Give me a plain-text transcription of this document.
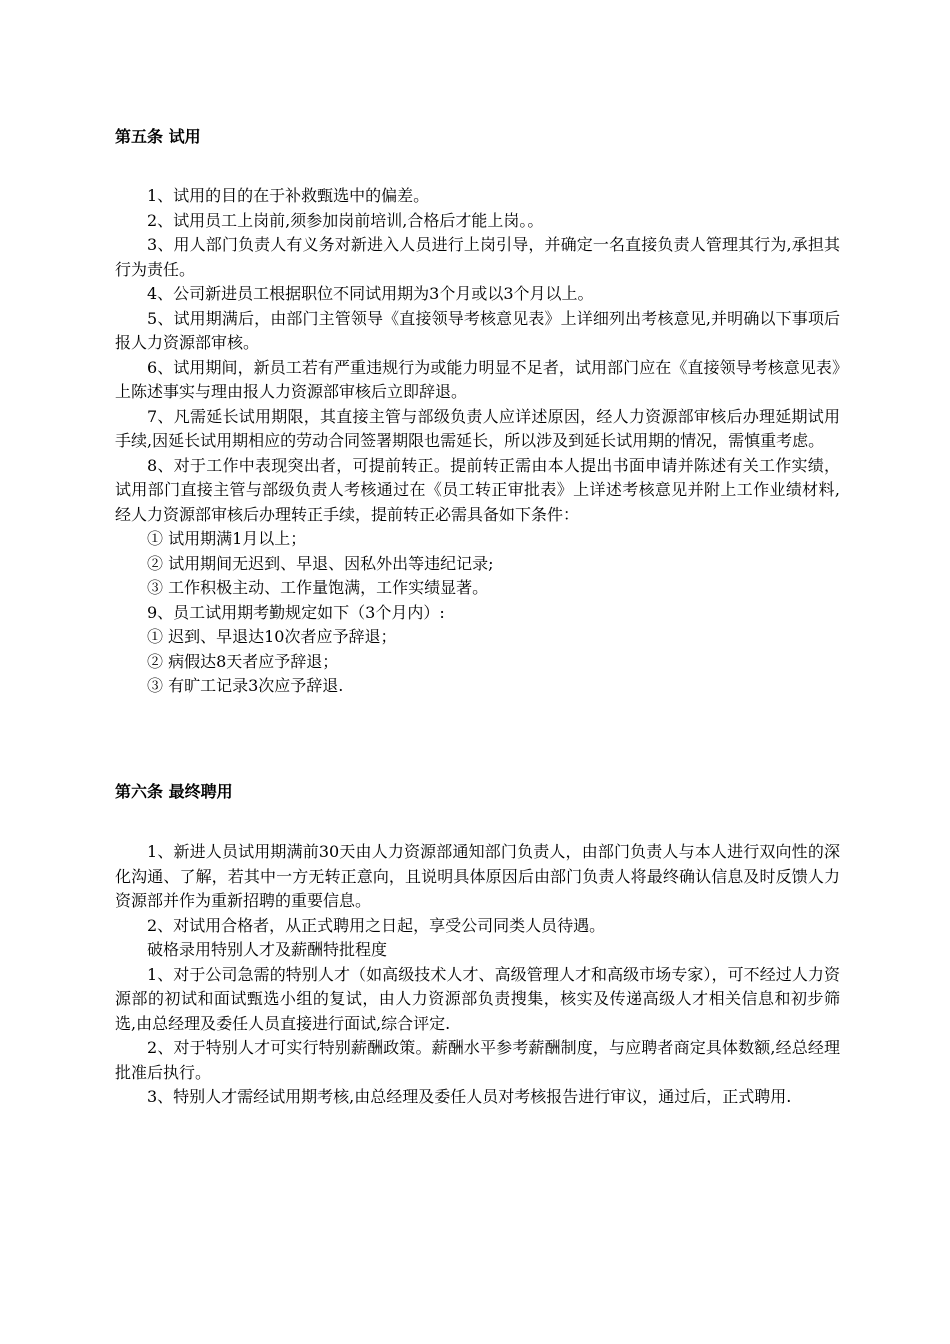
第五条 试用

1、试用的目的在于补救甄选中的偏差。

2、试用员工上岗前,须参加岗前培训,合格后才能上岗。。

3、用人部门负责人有义务对新进入人员进行上岗引导，并确定一名直接负责人管理其行为,承担其行为责任。

4、公司新进员工根据职位不同试用期为3个月或以3个月以上。

5、试用期满后，由部门主管领导《直接领导考核意见表》上详细列出考核意见,并明确以下事项后报人力资源部审核。

6、试用期间，新员工若有严重违规行为或能力明显不足者，试用部门应在《直接领导考核意见表》上陈述事实与理由报人力资源部审核后立即辞退。

7、凡需延长试用期限，其直接主管与部级负责人应详述原因，经人力资源部审核后办理延期试用手续,因延长试用期相应的劳动合同签署期限也需延长，所以涉及到延长试用期的情况，需慎重考虑。

8、对于工作中表现突出者，可提前转正。提前转正需由本人提出书面申请并陈述有关工作实绩，试用部门直接主管与部级负责人考核通过在《员工转正审批表》上详述考核意见并附上工作业绩材料,经人力资源部审核后办理转正手续，提前转正必需具备如下条件：

① 试用期满1月以上；

② 试用期间无迟到、早退、因私外出等违纪记录;

③ 工作积极主动、工作量饱满，工作实绩显著。

9、员工试用期考勤规定如下（3个月内）:

① 迟到、早退达10次者应予辞退；

② 病假达8天者应予辞退；

③ 有旷工记录3次应予辞退.

第六条 最终聘用

1、新进人员试用期满前30天由人力资源部通知部门负责人，由部门负责人与本人进行双向性的深化沟通、了解，若其中一方无转正意向，且说明具体原因后由部门负责人将最终确认信息及时反馈人力资源部并作为重新招聘的重要信息。

2、对试用合格者，从正式聘用之日起，享受公司同类人员待遇。

破格录用特别人才及薪酬特批程度

1、对于公司急需的特别人才（如高级技术人才、高级管理人才和高级市场专家），可不经过人力资源部的初试和面试甄选小组的复试，由人力资源部负责搜集，核实及传递高级人才相关信息和初步筛选,由总经理及委任人员直接进行面试,综合评定.

2、对于特别人才可实行特别薪酬政策。薪酬水平参考薪酬制度，与应聘者商定具体数额,经总经理批准后执行。

3、特别人才需经试用期考核,由总经理及委任人员对考核报告进行审议，通过后，正式聘用.
